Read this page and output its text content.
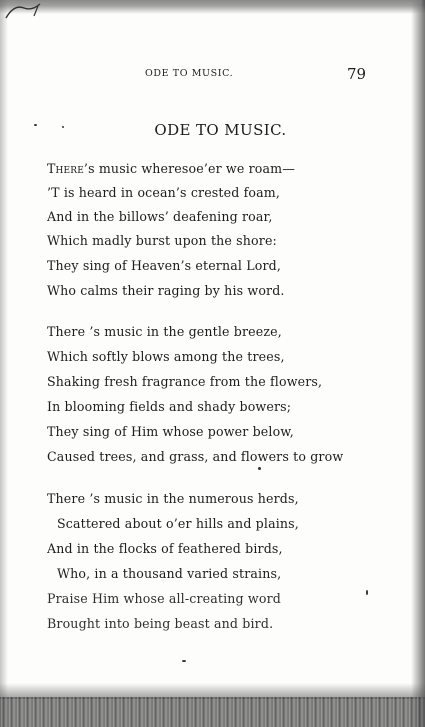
ODE TO MUSIC.	79
ODE TO MUSIC.
There’s music wheresoe’er we roam—
’T is heard in ocean’s crested foam,
And in the billows’ deafening roar,
Which madly burst upon the shore:
They sing of Heaven’s eternal Lord,
Who calms their raging by his word.
There ’s music in the gentle breeze,
Which softly blows among the trees,
Shaking fresh fragrance from the flowers,
In blooming fields and shady bowers;
They sing of Him whose power below,
Caused trees, and grass, and flowers to grow
There ’s music in the numerous herds,
Scattered about o’er hills and plains,
And in the flocks of feathered birds,
Who, in a thousand varied strains,
Praise Him whose all-creating word
Brought into being beast and bird.
